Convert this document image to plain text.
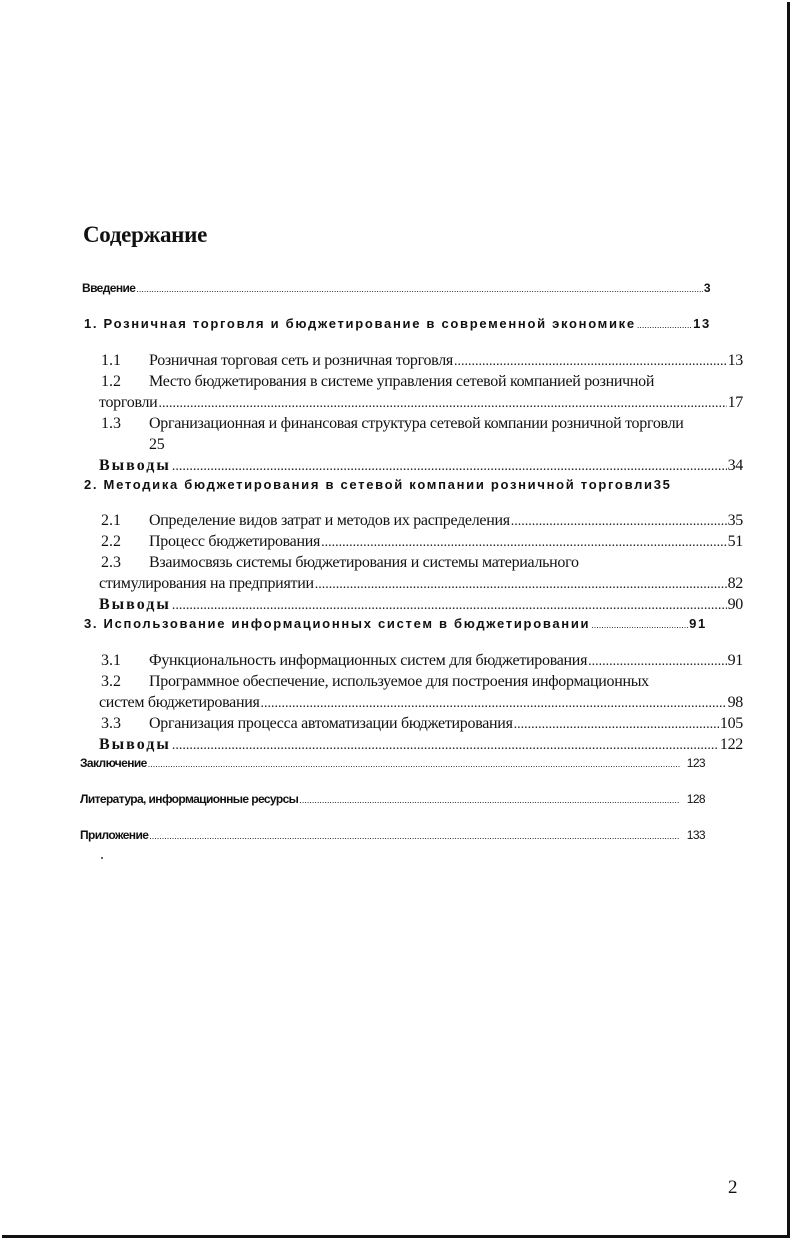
Содержание
Введение .....	3
1. Розничная торговля и бюджетирование в современной экономике .....	13
1.1 Розничная торговая сеть и розничная торговля .....	13
1.2 Место бюджетирования в системе управления сетевой компанией розничной
торговли .....	17
1.3 Организационная и финансовая структура сетевой компании розничной торговли
25
Выводы .....	34
2. Методика бюджетирования в сетевой компании розничной торговли 35
2.1 Определение видов затрат и методов их распределения .....	35
2.2 Процесс бюджетирования .....	51
2.3 Взаимосвязь системы бюджетирования и системы материального
стимулирования на предприятии .....	82
Выводы .....	90
3. Использование информационных систем в бюджетировании .....	91
3.1 Функциональность информационных систем для бюджетирования .....	91
3.2 Программное обеспечение, используемое для построения информационных
систем бюджетирования .....	98
3.3 Организация процесса автоматизации бюджетирования .....	105
Выводы .....	122
Заключение .....	123
Литература, информационные ресурсы .....	128
Приложение .....	133
2
